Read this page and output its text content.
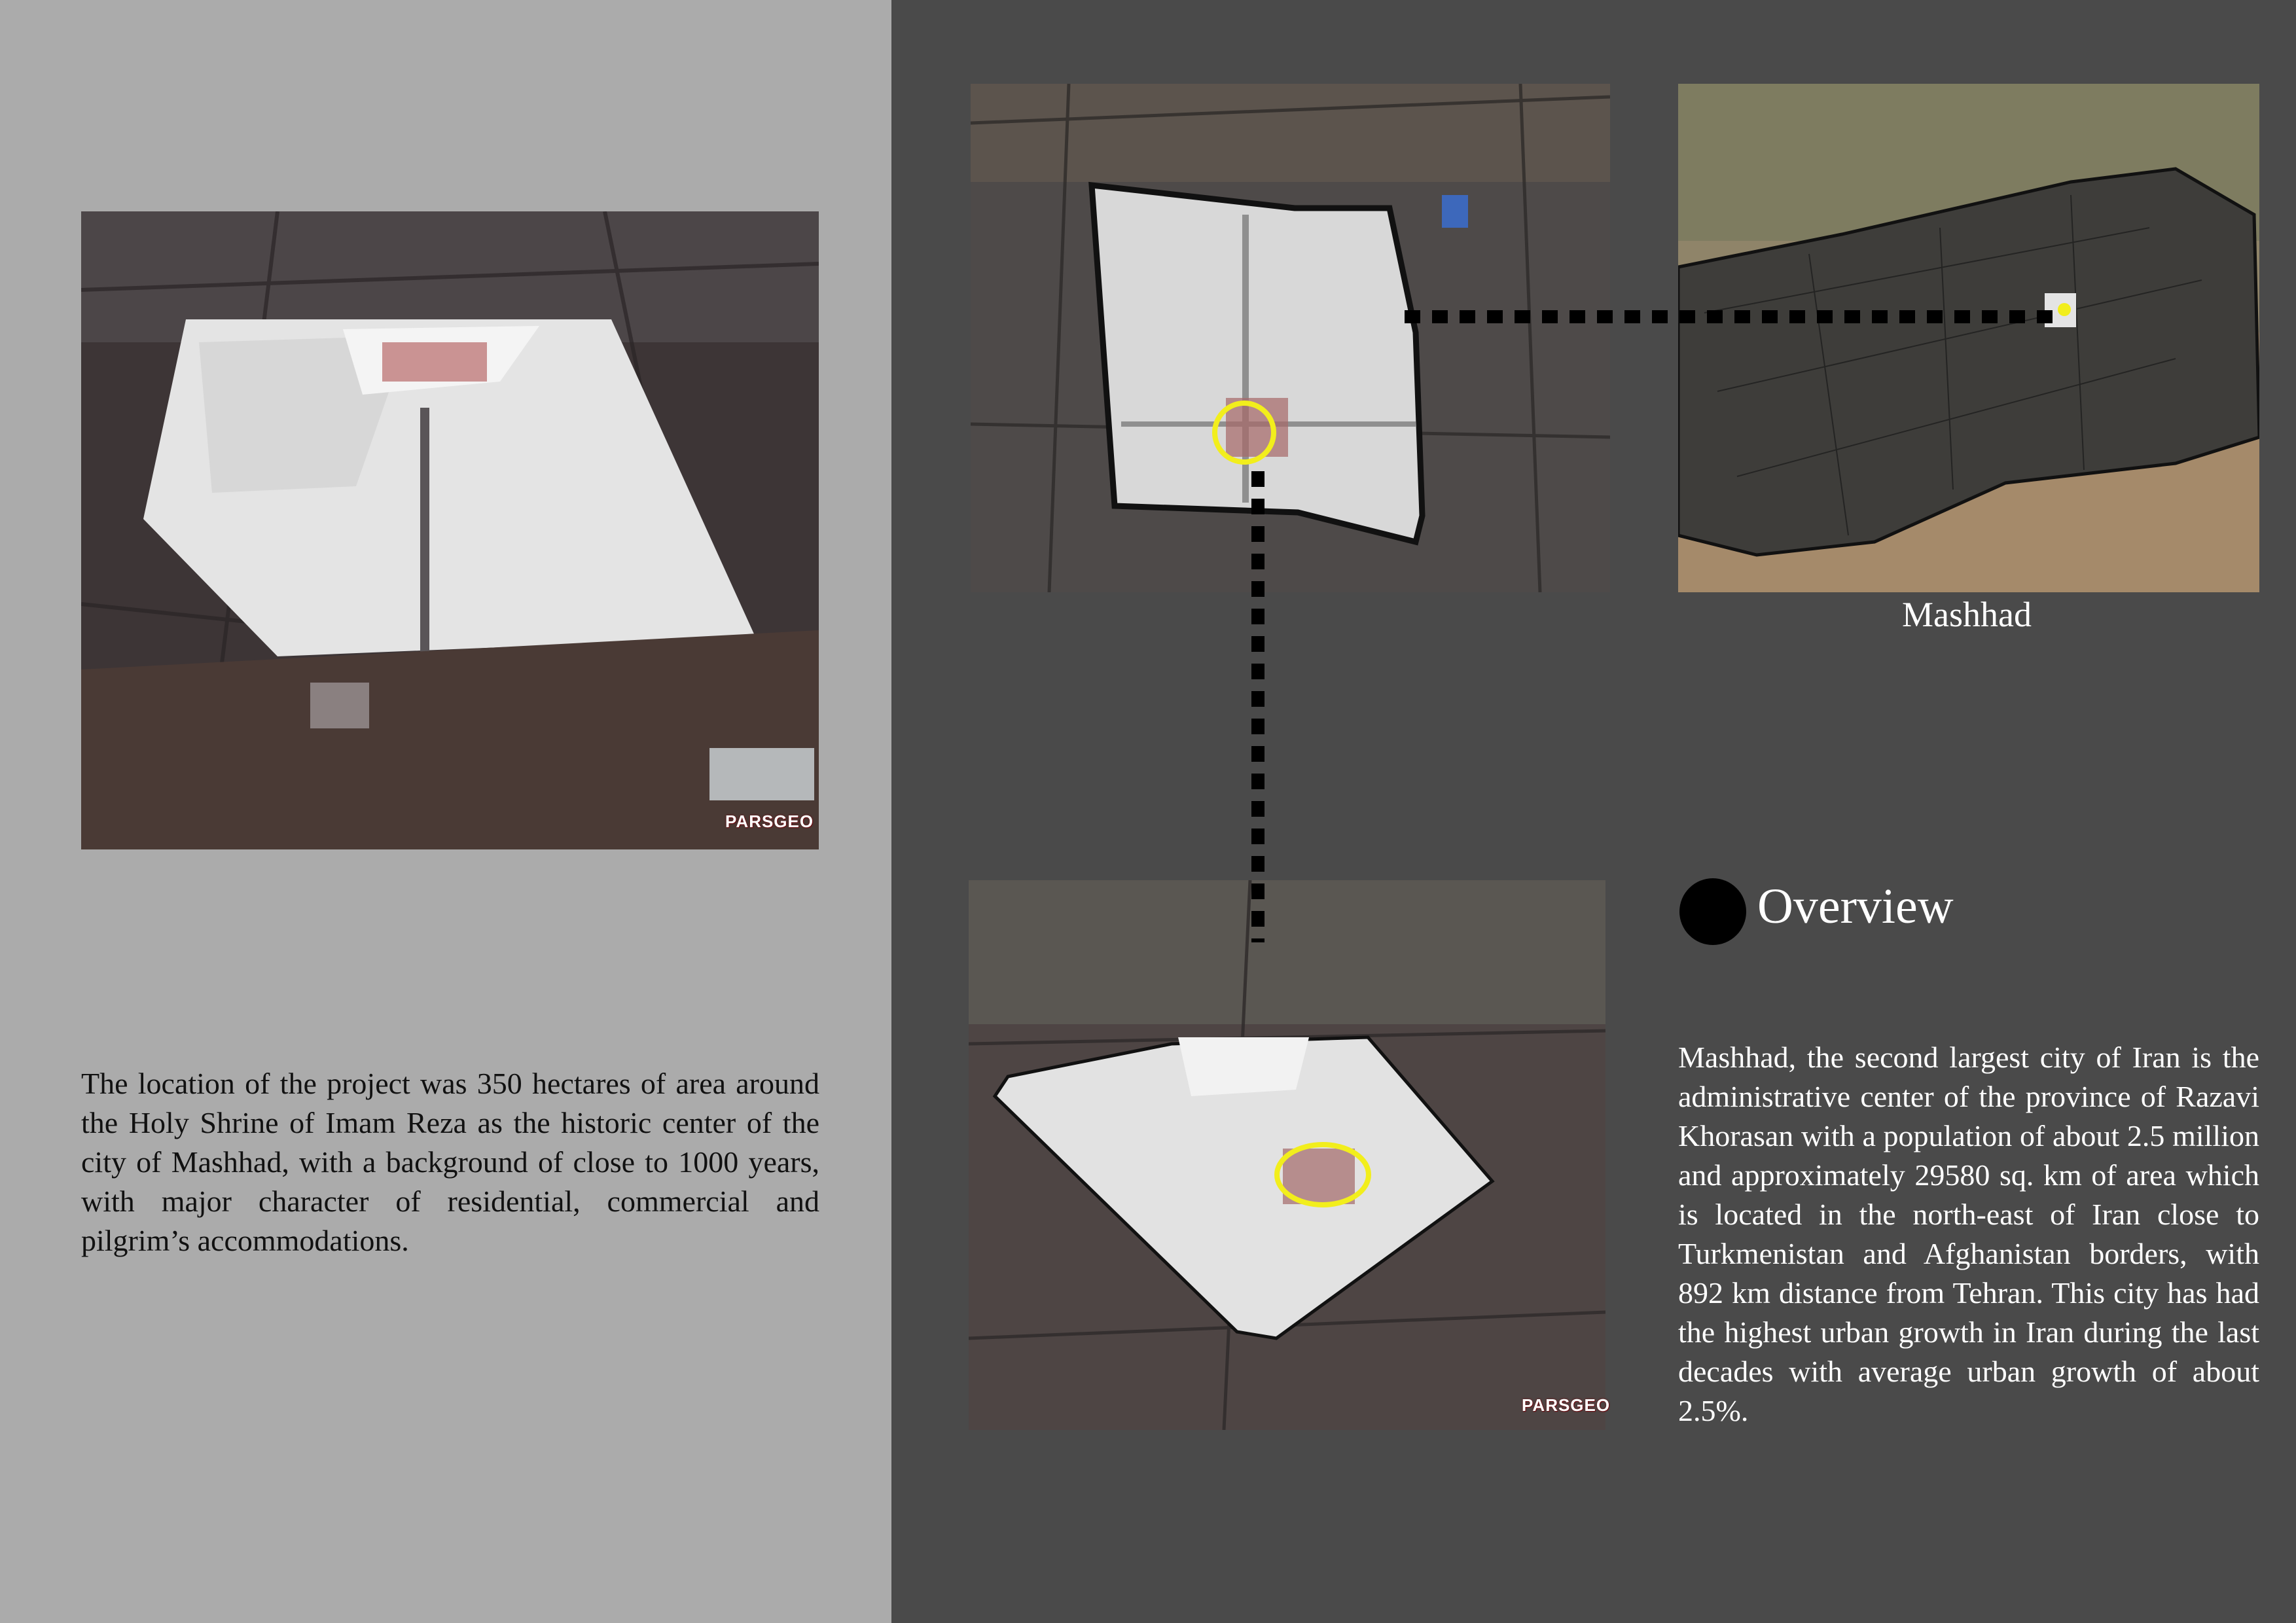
PARSGEO
Mashhad
PARSGEO
Overview

The location of the project was 350 hectares of area around the Holy Shrine of Imam Reza as the historic center of the city of Mashhad, with a background of close to 1000 years, with major character of residential, commercial and pilgrim’s accommodations.

Mashhad, the second largest city of Iran is the administrative center of the province of Razavi Khorasan with a population of about 2.5 million and approximately 29580 sq. km of area which is located in the north-east of Iran close to Turkmenistan and Afghanistan borders, with 892 km distance from Tehran. This city has had the highest urban growth in Iran during the last decades with average urban growth of about 2.5%.
